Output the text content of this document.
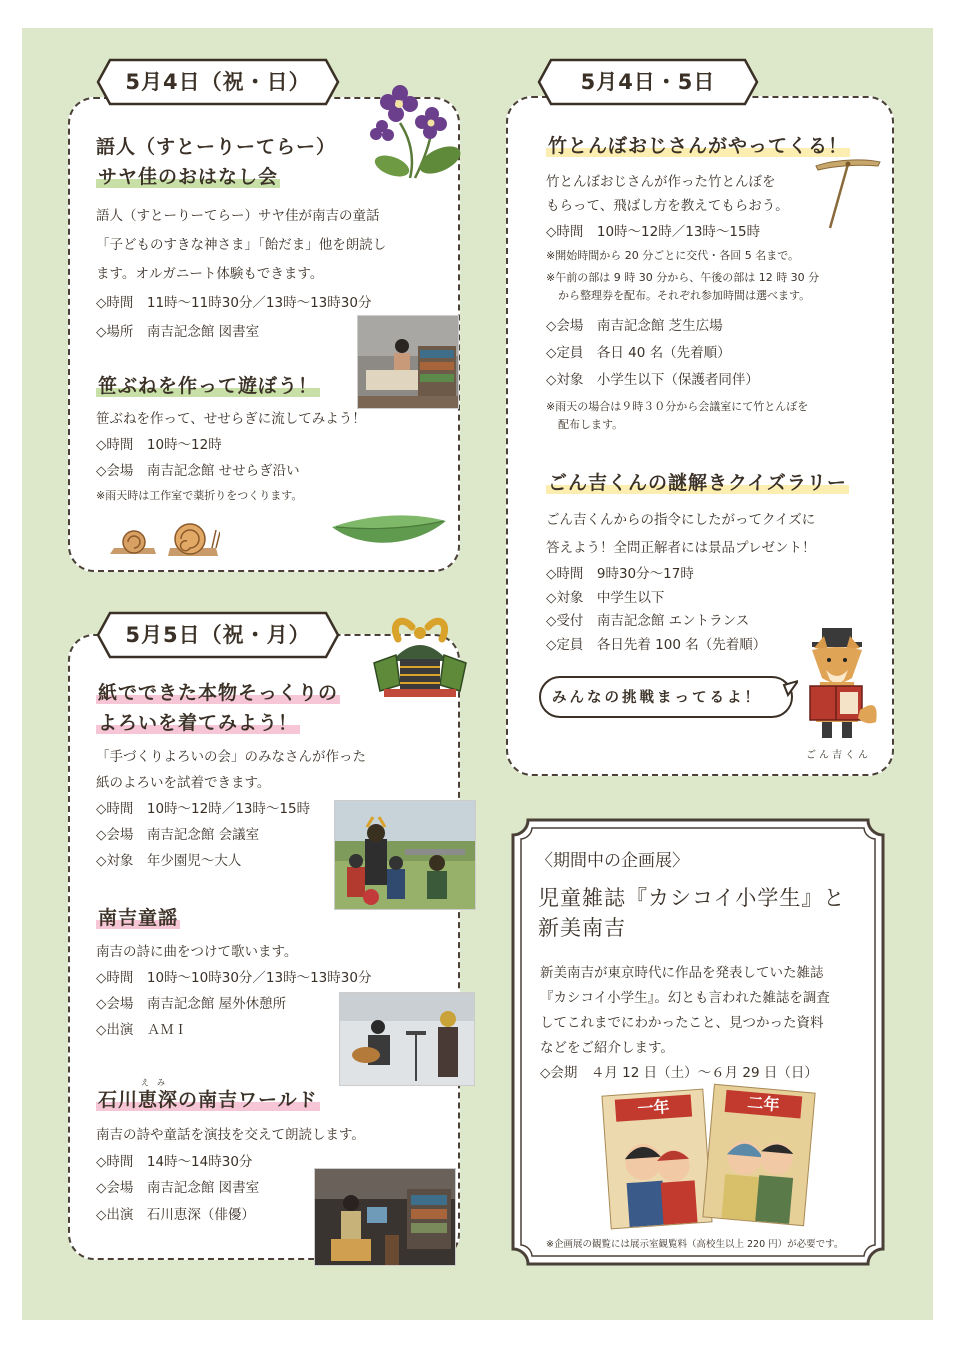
5月4日（祝・日）
語人（すとーりーてらー）
サヤ佳のおはなし会
語人（すとーりーてらー）サヤ佳が南吉の童話
「子どものすきな神さま」「飴だま」他を朗読し
ます。オルガニート体験もできます。
◇時間　11時～11時30分／13時～13時30分
◇場所　南吉記念館 図書室
笹ぶねを作って遊ぼう！
笹ぶねを作って、せせらぎに流してみよう！
◇時間　10時～12時
◇会場　南吉記念館 せせらぎ沿い
※雨天時は工作室で薬折りをつくります。
5月4日・5日
竹とんぼおじさんがやってくる！
竹とんぼおじさんが作った竹とんぼを
もらって、飛ばし方を教えてもらおう。
◇時間　10時～12時／13時～15時
※開始時間から 20 分ごとに交代・各回 5 名まで。
※午前の部は 9 時 30 分から、午後の部は 12 時 30 分
から整理券を配布。それぞれ参加時間は選べます。
◇会場　南吉記念館 芝生広場
◇定員　各日 40 名（先着順）
◇対象　小学生以下（保護者同伴）
※雨天の場合は９時３０分から会議室にて竹とんぼを
配布します。
ごん吉くんの謎解きクイズラリー
ごん吉くんからの指令にしたがってクイズに
答えよう！全問正解者には景品プレゼント！
◇時間　9時30分～17時
◇対象　中学生以下
◇受付　南吉記念館 エントランス
◇定員　各日先着 100 名（先着順）
みんなの挑戦まってるよ！
ごん吉くん
5月5日（祝・月）
紙でできた本物そっくりの
よろいを着てみよう！
「手づくりよろいの会」のみなさんが作った
紙のよろいを試着できます。
◇時間　10時～12時／13時～15時
◇会場　南吉記念館 会議室
◇対象　年少園児～大人
南吉童謡
南吉の詩に曲をつけて歌います。
◇時間　10時～10時30分／13時～13時30分
◇会場　南吉記念館 屋外休憩所
◇出演　ＡＭＩ
え　み
石川恵深の南吉ワールド
南吉の詩や童話を演技を交えて朗読します。
◇時間　14時～14時30分
◇会場　南吉記念館 図書室
◇出演　石川恵深（俳優）
〈期間中の企画展〉
児童雑誌『カシコイ小学生』と
新美南吉
新美南吉が東京時代に作品を発表していた雑誌
『カシコイ小学生』。幻とも言われた雑誌を調査
してこれまでにわかったこと、見つかった資料
などをご紹介します。
◇会期　４月 12 日（土）～６月 29 日（日）
一年	二年
※企画展の観覧には展示室観覧料（高校生以上 220 円）が必要です。
